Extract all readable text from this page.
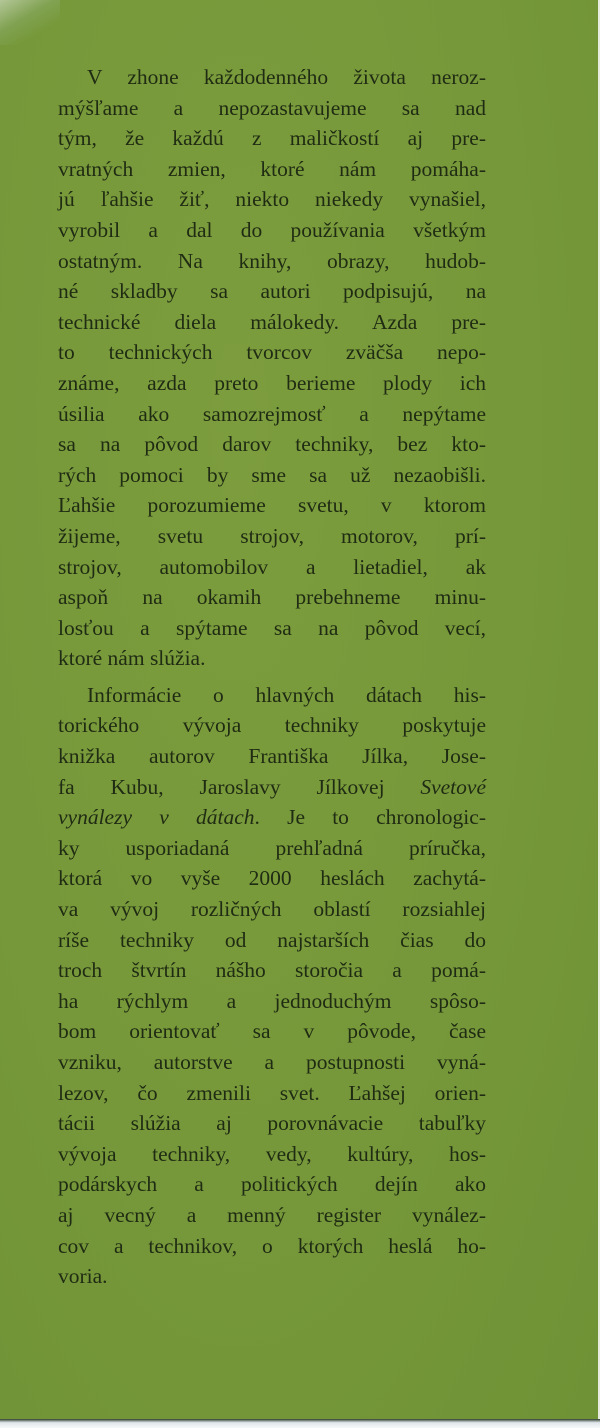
V zhone každodenného života neroz-
mýšľame a nepozastavujeme sa nad
tým, že každú z maličkostí aj pre-
vratných zmien, ktoré nám pomáha-
jú ľahšie žiť, niekto niekedy vynašiel,
vyrobil a dal do používania všetkým
ostatným. Na knihy, obrazy, hudob-
né skladby sa autori podpisujú, na
technické diela málokedy. Azda pre-
to technických tvorcov zväčša nepo-
známe, azda preto berieme plody ich
úsilia ako samozrejmosť a nepýtame
sa na pôvod darov techniky, bez kto-
rých pomoci by sme sa už nezaobišli.
Ľahšie porozumieme svetu, v ktorom
žijeme, svetu strojov, motorov, prí-
strojov, automobilov a lietadiel, ak
aspoň na okamih prebehneme minu-
losťou a spýtame sa na pôvod vecí,
ktoré nám slúžia.
Informácie o hlavných dátach his-
torického vývoja techniky poskytuje
knižka autorov Františka Jílka, Jose-
fa Kubu, Jaroslavy Jílkovej Svetové
vynálezy v dátach. Je to chronologic-
ky usporiadaná prehľadná príručka,
ktorá vo vyše 2000 heslách zachytá-
va vývoj rozličných oblastí rozsiahlej
ríše techniky od najstarších čias do
troch štvrtín nášho storočia a pomá-
ha rýchlym a jednoduchým spôso-
bom orientovať sa v pôvode, čase
vzniku, autorstve a postupnosti vyná-
lezov, čo zmenili svet. Ľahšej orien-
tácii slúžia aj porovnávacie tabuľky
vývoja techniky, vedy, kultúry, hos-
podárskych a politických dejín ako
aj vecný a menný register vynález-
cov a technikov, o ktorých heslá ho-
voria.
